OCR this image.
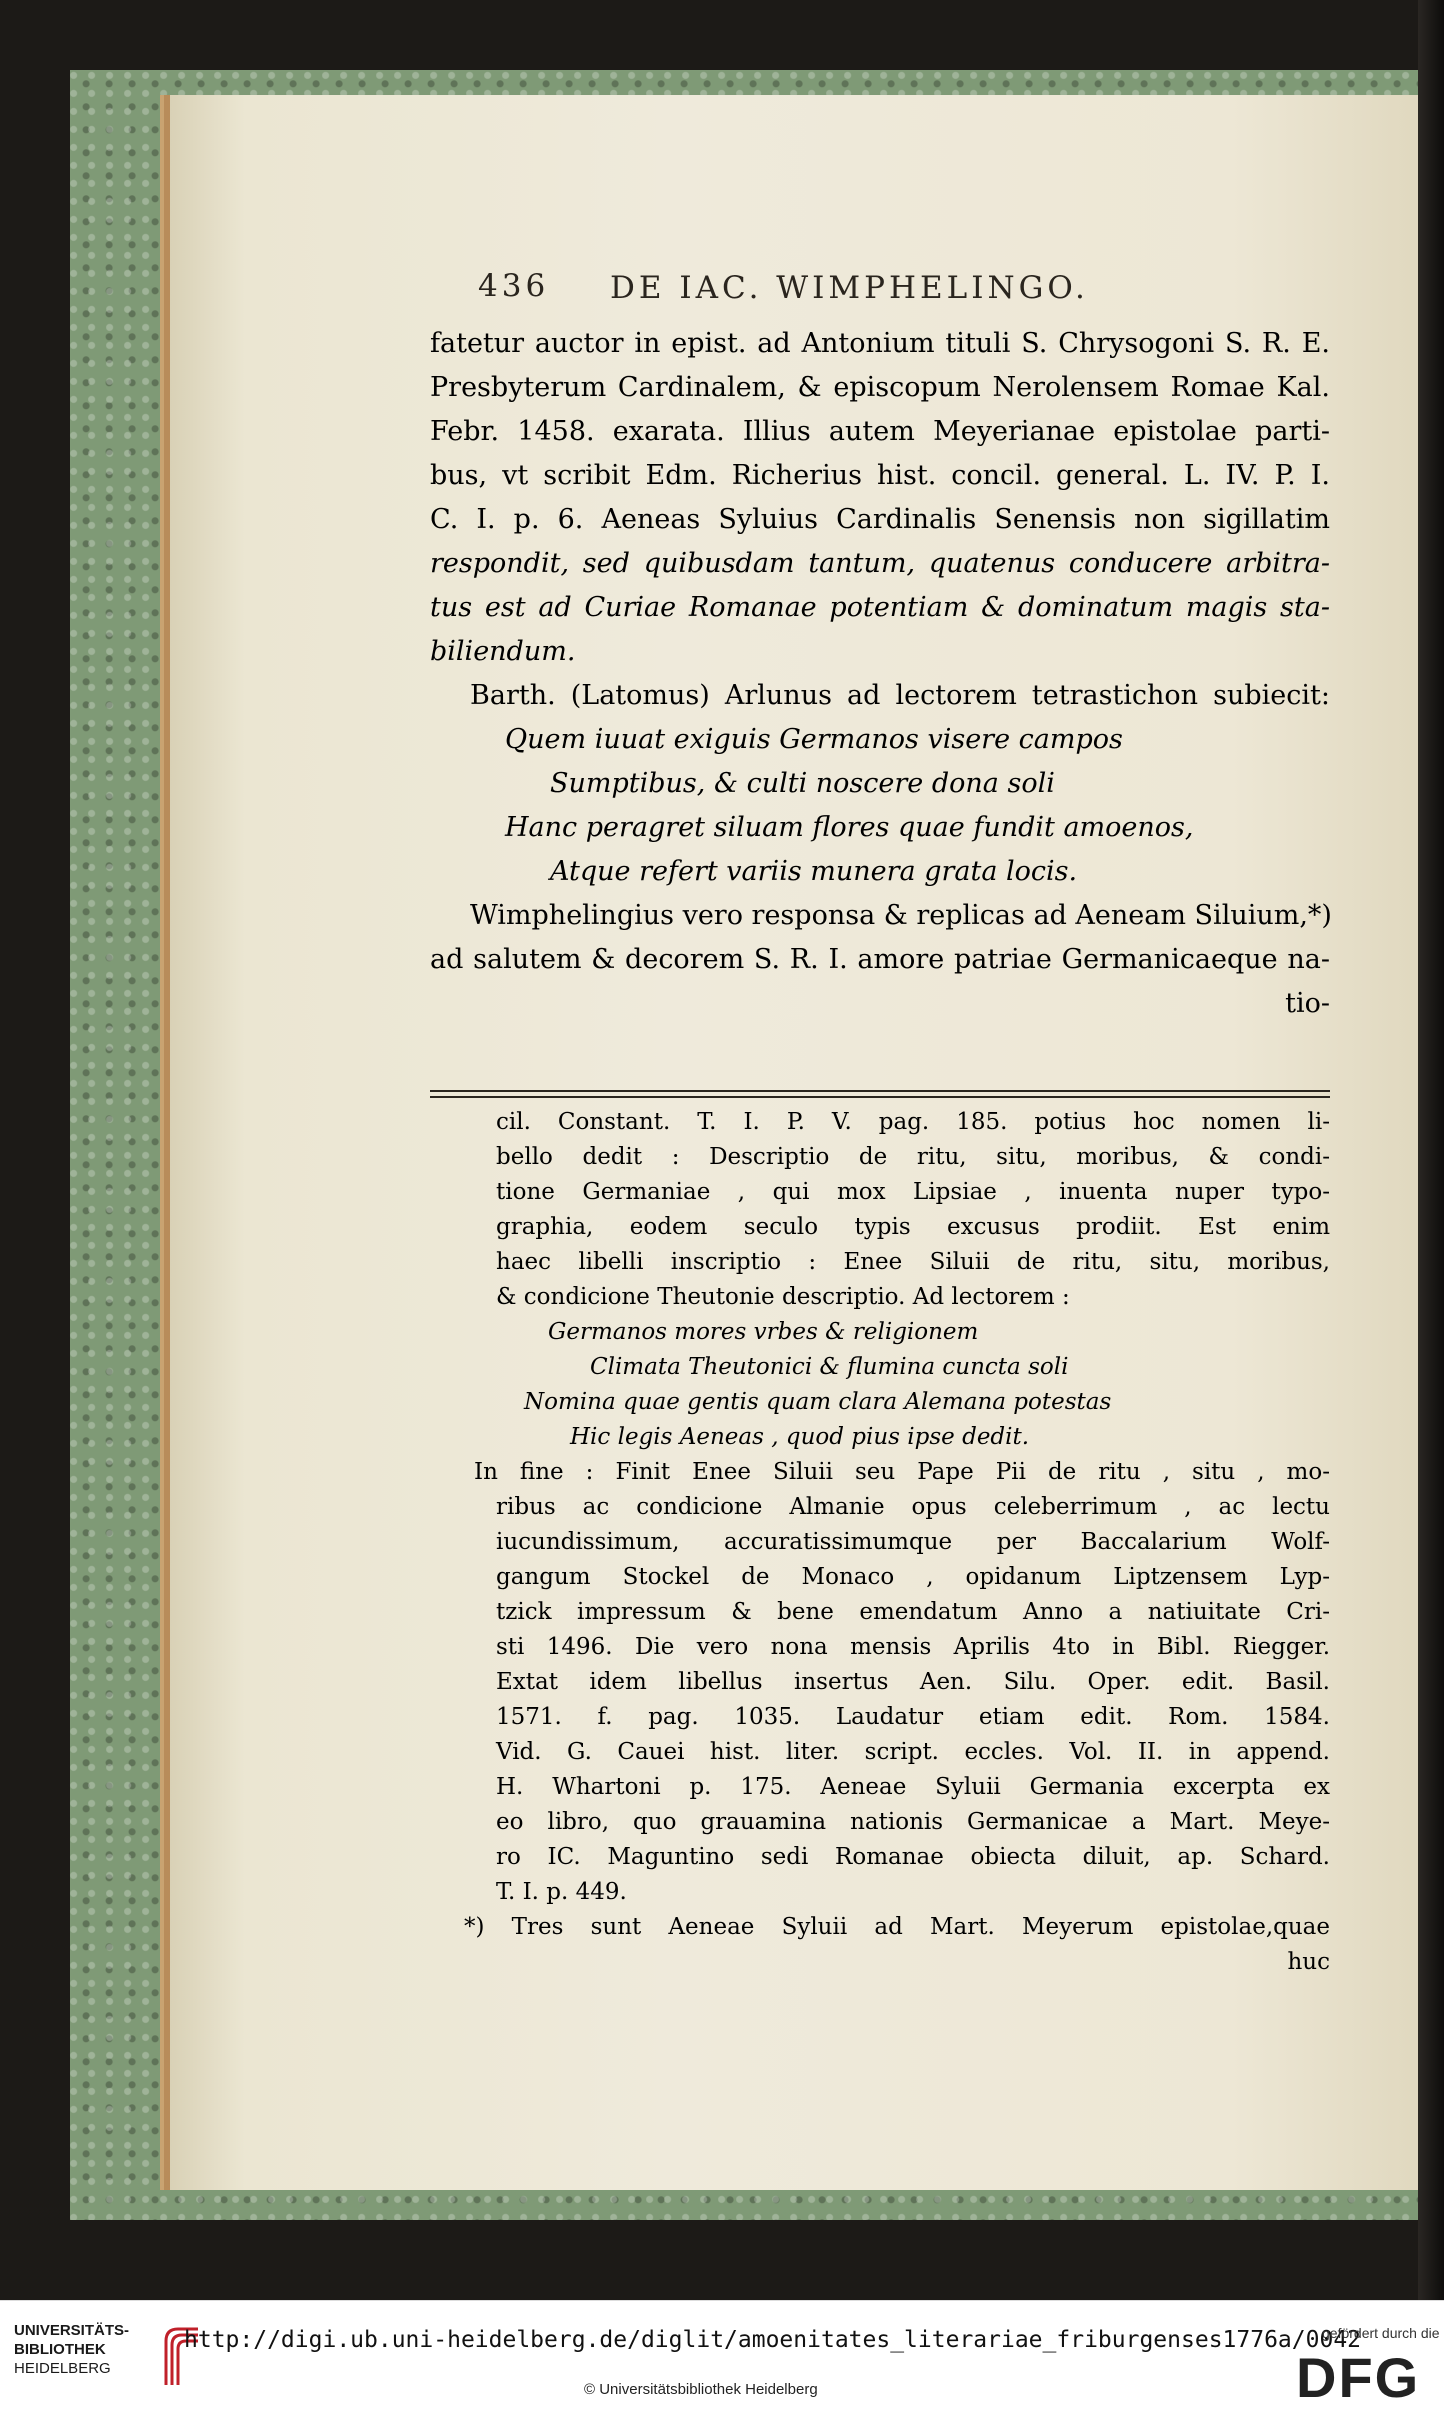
436 DE IAC. WIMPHELINGO.
fatetur auctor in epist. ad Antonium tituli S. Chrysogoni S. R. E.
Presbyterum Cardinalem, & episcopum Nerolensem Romae Kal.
Febr. 1458. exarata. Illius autem Meyerianae epistolae parti-
bus, vt scribit Edm. Richerius hist. concil. general. L. IV. P. I.
C. I. p. 6. Aeneas Syluius Cardinalis Senensis non sigillatim
respondit, sed quibusdam tantum, quatenus conducere arbitra-
tus est ad Curiae Romanae potentiam & dominatum magis sta-
biliendum.
Barth. (Latomus) Arlunus ad lectorem tetrastichon subiecit:
Quem iuuat exiguis Germanos visere campos
Sumptibus, & culti noscere dona soli
Hanc peragret siluam flores quae fundit amoenos,
Atque refert variis munera grata locis.
Wimphelingius vero responsa & replicas ad Aeneam Siluium,*)
ad salutem & decorem S. R. I. amore patriae Germanicaeque na-
tio-
cil. Constant. T. I. P. V. pag. 185. potius hoc nomen li-
bello dedit : Descriptio de ritu, situ, moribus, & condi-
tione Germaniae , qui mox Lipsiae , inuenta nuper typo-
graphia, eodem seculo typis excusus prodiit. Est enim
haec libelli inscriptio : Enee Siluii de ritu, situ, moribus,
& condicione Theutonie descriptio. Ad lectorem :
Germanos mores vrbes & religionem
Climata Theutonici & flumina cuncta soli
Nomina quae gentis quam clara Alemana potestas
Hic legis Aeneas , quod pius ipse dedit.
In fine : Finit Enee Siluii seu Pape Pii de ritu , situ , mo-
ribus ac condicione Almanie opus celeberrimum , ac lectu
iucundissimum, accuratissimumque per Baccalarium Wolf-
gangum Stockel de Monaco , opidanum Liptzensem Lyp-
tzick impressum & bene emendatum Anno a natiuitate Cri-
sti 1496. Die vero nona mensis Aprilis 4to in Bibl. Riegger.
Extat idem libellus insertus Aen. Silu. Oper. edit. Basil.
1571. f. pag. 1035. Laudatur etiam edit. Rom. 1584.
Vid. G. Cauei hist. liter. script. eccles. Vol. II. in append.
H. Whartoni p. 175. Aeneae Syluii Germania excerpta ex
eo libro, quo grauamina nationis Germanicae a Mart. Meye-
ro IC. Maguntino sedi Romanae obiecta diluit, ap. Schard.
T. I. p. 449.
*) Tres sunt Aeneae Syluii ad Mart. Meyerum epistolae,quae
huc
UNIVERSITÄTS-
BIBLIOTHEK
HEIDELBERG
http://digi.ub.uni-heidelberg.de/diglit/amoenitates_literariae_friburgenses1776a/0042
© Universitätsbibliothek Heidelberg
gefördert durch die
DFG
